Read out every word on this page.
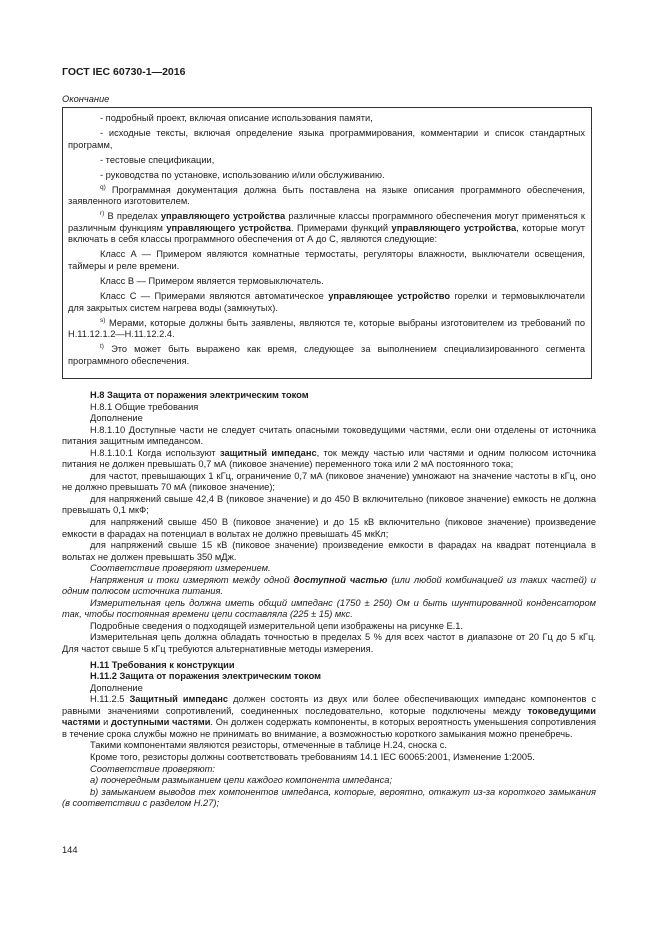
ГОСТ IEC 60730-1—2016
Окончание

- подробный проект, включая описание использования памяти,

- исходные тексты, включая определение языка программирования, комментарии и список стандартных программ,

- тестовые спецификации,

- руководства по установке, использованию и/или обслуживанию.

$^{q)}$ Программная документация должна быть поставлена на языке описания программного обеспечения, заявленного изготовителем.

$^{r)}$ В пределах управляющего устройства различные классы программного обеспечения могут применяться к различным функциям управляющего устройства. Примерами функций управляющего устройства, которые могут включать в себя классы программного обеспечения от А до С, являются следующие:

Класс А — Примером являются комнатные термостаты, регуляторы влажности, выключатели освещения, таймеры и реле времени.

Класс В — Примером является термовыключатель.

Класс С — Примерами являются автоматическое управляющее устройство горелки и термовыключатели для закрытых систем нагрева воды (замкнутых).

$^{s)}$ Мерами, которые должны быть заявлены, являются те, которые выбраны изготовителем из требований по Н.11.12.1.2—Н.11.12.2.4.

$^{t)}$ Это может быть выражено как время, следующее за выполнением специализированного сегмента программного обеспечения.

Н.8 Защита от поражения электрическим током

Н.8.1 Общие требования

Дополнение

Н.8.1.10 Доступные части не следует считать опасными токоведущими частями, если они отделены от источника питания защитным импедансом.

Н.8.1.10.1 Когда используют защитный импеданс, ток между частью или частями и одним полюсом источника питания не должен превышать 0,7 мА (пиковое значение) переменного тока или 2 мА постоянного тока;

для частот, превышающих 1 кГц, ограничение 0,7 мА (пиковое значение) умножают на значение частоты в кГц, оно не должно превышать 70 мА (пиковое значение);

для напряжений свыше 42,4 В (пиковое значение) и до 450 В включительно (пиковое значение) емкость не должна превышать 0,1 мкФ;

для напряжений свыше 450 В (пиковое значение) и до 15 кВ включительно (пиковое значение) произведение емкости в фарадах на потенциал в вольтах не должно превышать 45 мкКл;

для напряжений свыше 15 кВ (пиковое значение) произведение емкости в фарадах на квадрат потенциала в вольтах не должен превышать 350 мДж.

Соответствие проверяют измерением.

Напряжения и токи измеряют между одной доступной частью (или любой комбинацией из таких частей) и одним полюсом источника питания.

Измерительная цепь должна иметь общий импеданс (1750 ± 250) Ом и быть шунтированной конденсатором так, чтобы постоянная времени цепи составляла (225 ± 15) мкс.

Подробные сведения о подходящей измерительной цепи изображены на рисунке Е.1.

Измерительная цепь должна обладать точностью в пределах 5 % для всех частот в диапазоне от 20 Гц до 5 кГц. Для частот свыше 5 кГц требуются альтернативные методы измерения.

Н.11 Требования к конструкции

Н.11.2 Защита от поражения электрическим током

Дополнение

Н.11.2.5 Защитный импеданс должен состоять из двух или более обеспечивающих импеданс компонентов с равными значениями сопротивлений, соединенных последовательно, которые подключены между токоведущими частями и доступными частями. Он должен содержать компоненты, в которых вероятность уменьшения сопротивления в течение срока службы можно не принимать во внимание, а возможностью короткого замыкания можно пренебречь.

Такими компонентами являются резисторы, отмеченные в таблице Н.24, сноска с.

Кроме того, резисторы должны соответствовать требованиям 14.1 IEC 60065:2001, Изменение 1:2005.

Соответствие проверяют:

a) поочередным размыканием цепи каждого компонента импеданса;

b) замыканием выводов тех компонентов импеданса, которые, вероятно, откажут из-за короткого замыкания (в соответствии с разделом Н.27);

144
